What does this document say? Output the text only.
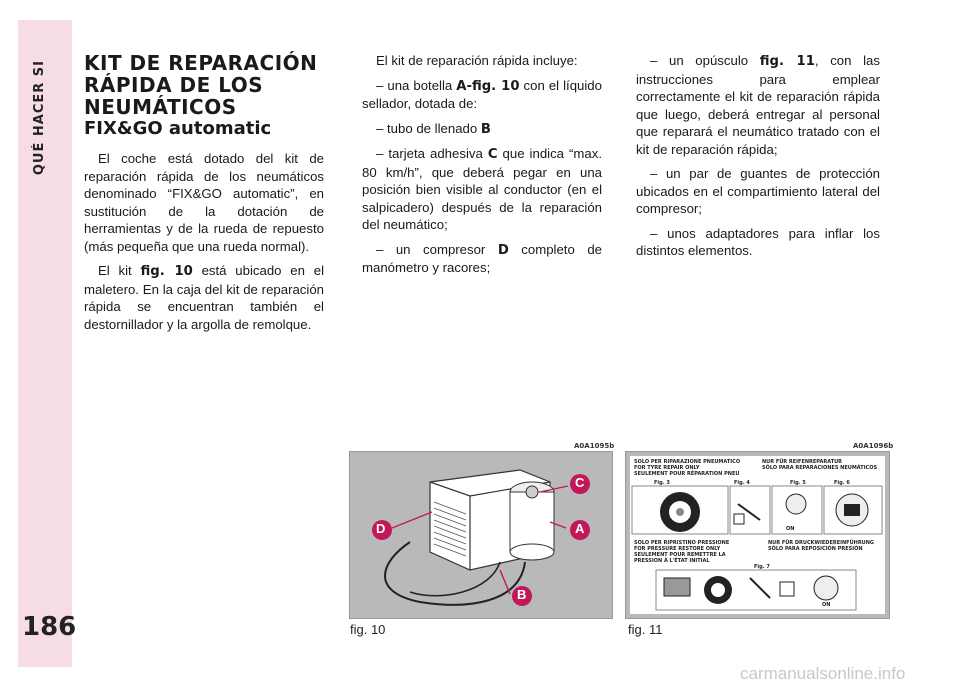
QUÉ HACER SI
186
KIT DE REPARACIÓN
RÁPIDA DE LOS
NEUMÁTICOS
FIX&GO automatic

El coche está dotado del kit de reparación rápida de los neumáticos denominado “FIX&GO automatic”, en sustitución de la dotación de herramientas y de la rueda de repuesto (más pequeña que una rueda normal).

El kit fig. 10 está ubicado en el maletero. En la caja del kit de reparación rápida se encuentran también el destornillador y la argolla de remolque.

El kit de reparación rápida incluye:

– una botella A-fig. 10 con el líquido sellador, dotada de:

– tubo de llenado B

– tarjeta adhesiva C que indica “max. 80 km/h”, que deberá pegar en una posición bien visible al conductor (en el salpicadero) después de la reparación del neumático;

– un compresor D completo de manómetro y racores;

– un opúsculo fig. 11, con las instrucciones para emplear correctamente el kit de reparación rápida que luego, deberá entregar al personal que reparará el neumático tratado con el kit de reparación rápida;

– un par de guantes de protección ubicados en el compartimiento lateral del compresor;

– unos adaptadores para inflar los distintos elementos.

A0A1095b
D	A
C
B
fig. 10
A0A1096b
SOLO PER RIPARAZIONE PNEUMATICO
FOR TYRE REPAIR ONLY
SEULEMENT POUR RÉPARATION PNEU
NUR FÜR REIFENREPARATUR
SÓLO PARA REPARACIONES NEUMÁTICOS
Fig. 3	Fig. 4	Fig. 5	Fig. 6
ON
SOLO PER RIPRISTINO PRESSIONE
FOR PRESSURE RESTORE ONLY
SEULEMENT POUR REMETTRE LA
PRESSION À L'ÉTAT INITIAL
NUR FÜR DRUCKWIEDEREINFÜHRUNG
SÓLO PARA REPOSICIÓN PRESIÓN
Fig. 7
ON
fig. 11
carmanualsonline.info
